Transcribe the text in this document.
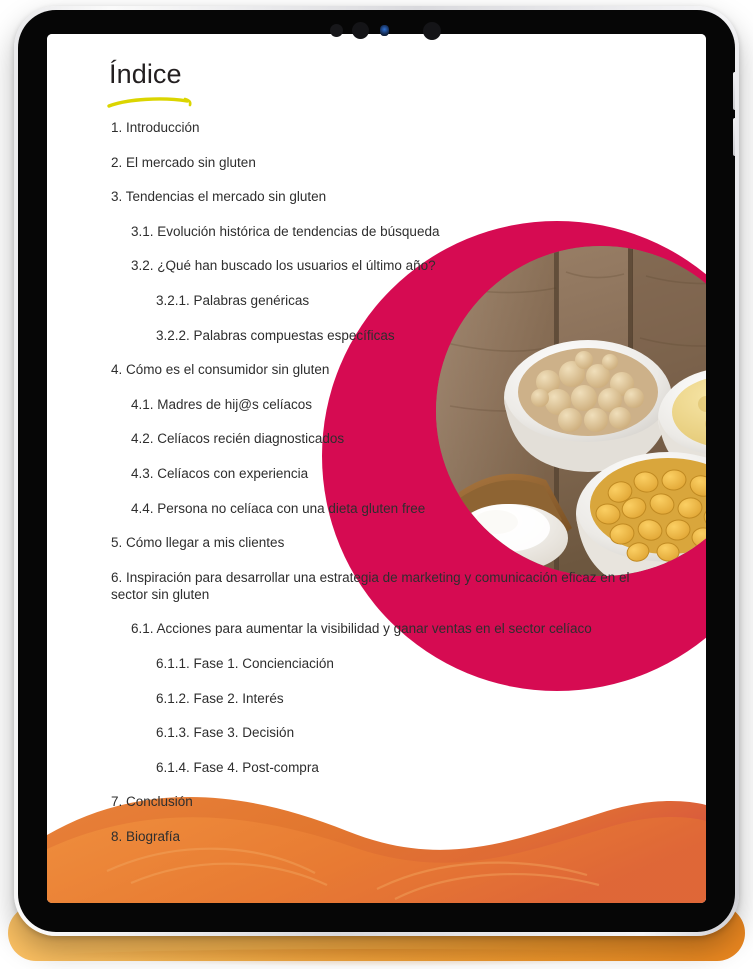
Índice
1. Introducción
2. El mercado sin gluten
3. Tendencias el mercado sin gluten
3.1. Evolución histórica de tendencias de búsqueda
3.2. ¿Qué han buscado los usuarios el último año?
3.2.1. Palabras genéricas
3.2.2. Palabras compuestas específicas
4. Cómo es el consumidor sin gluten
4.1. Madres de hij@s celíacos
4.2. Celíacos recién diagnosticados
4.3. Celíacos con experiencia
4.4. Persona no celíaca con una dieta gluten free
5. Cómo llegar a mis clientes
6. Inspiración para desarrollar una estrategia de marketing y comunicación eficaz en el sector sin gluten
6.1. Acciones para aumentar la visibilidad y ganar ventas en el sector celíaco
6.1.1. Fase 1. Concienciación
6.1.2. Fase 2. Interés
6.1.3. Fase 3. Decisión
6.1.4. Fase 4. Post-compra
7. Conclusión
8. Biografía
